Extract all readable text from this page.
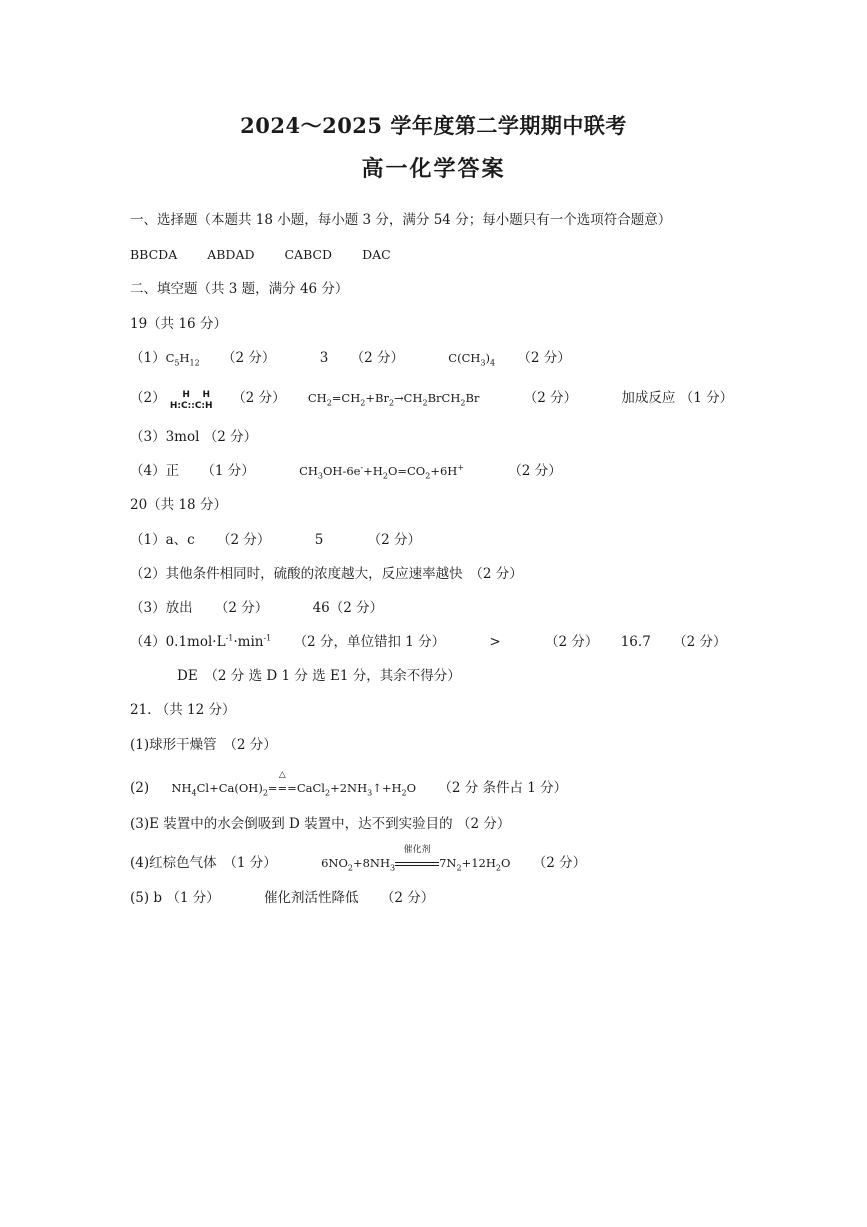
2024～2025 学年度第二学期期中联考
高一化学答案
一、选择题（本题共 18 小题，每小题 3 分，满分 54 分；每小题只有一个选项符合题意）
BBCDA ABDAD CABCD DAC
二、填空题（共 3 题，满分 46 分）
19（共 16 分）
$(1)C_5H_{12}$ （2 分）	3 （2 分）	$C(CH_3)_4$ （2 分）
（2） H    H
H:C::C:H	（2 分） $CH_2=CH_2+Br_2\to CH_2BrCH_2Br$	（2 分）	加成反应 （1 分）
（3）3mol （2 分）
（4）正 （1 分）	$CH_3OH-6e^-+H_2O=CO_2+6H^+$	（2 分）
20（共 18 分）
（1）a、c （2 分）	5	（2 分）
（2）其他条件相同时，硫酸的浓度越大，反应速率越快　（2 分）
（3）放出 （2 分）	46（2 分）
$(4)0.1mol\cdot L^{-1}\cdot\min^{-1}$ （2 分，单位错扣 1 分）	>	（2 分） 16.7 （2 分）
DE　（2 分 选 D 1 分 选 E1 分，其余不得分）
21. （共 12 分）
(1)球形干燥管　（2 分）
(2) $NH_4Cl+Ca(OH)_2$
△
$===CaCl_2+2NH_3↑+H_2O$ （2 分 条件占 1 分）
(3)E 装置中的水会倒吸到 D 装置中，达不到实验目的 （2 分）
(4)红棕色气体　（1 分）	$6NO_2+8NH_3$
催化剂
$7N_2+12H_2O$ （2 分）
(5) b （1 分）	催化剂活性降低 （2 分）
